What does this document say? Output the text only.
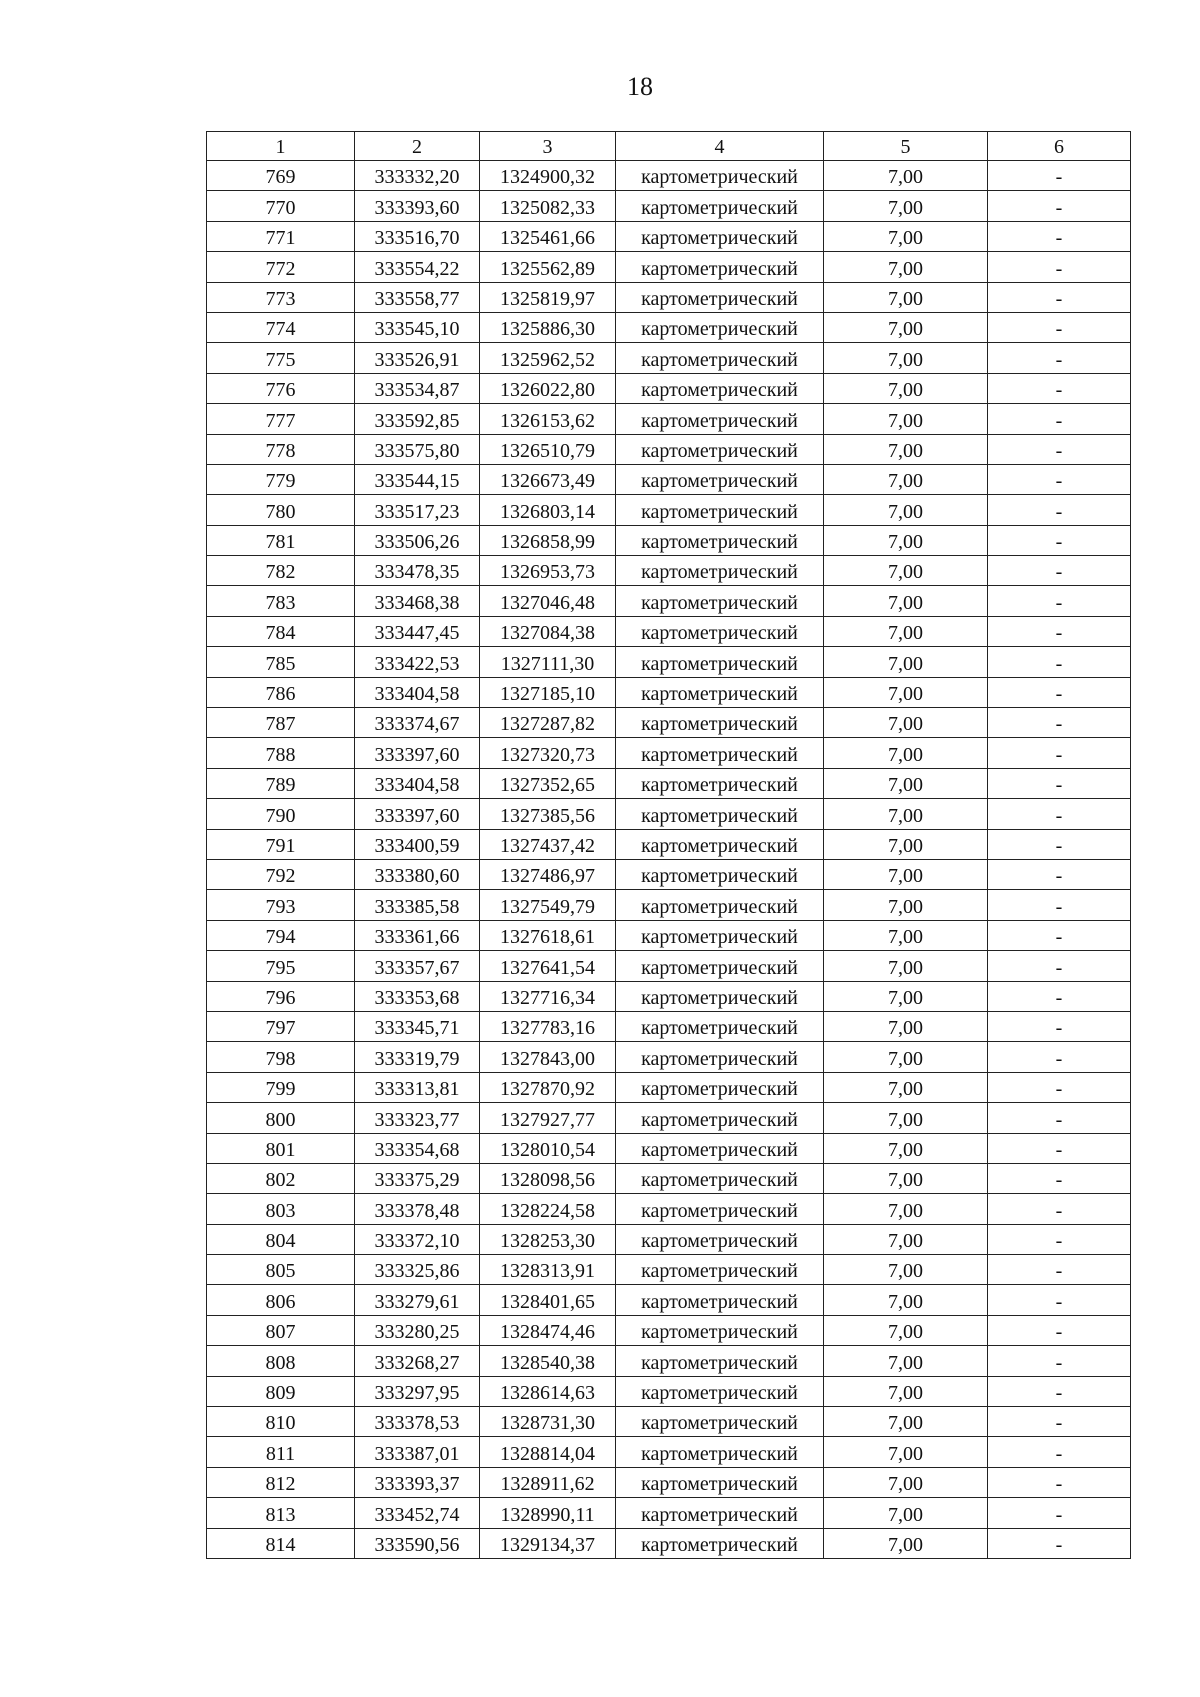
18
1	2	3	4	5	6
769	333332,20	1324900,32	картометрический	7,00	-
770	333393,60	1325082,33	картометрический	7,00	-
771	333516,70	1325461,66	картометрический	7,00	-
772	333554,22	1325562,89	картометрический	7,00	-
773	333558,77	1325819,97	картометрический	7,00	-
774	333545,10	1325886,30	картометрический	7,00	-
775	333526,91	1325962,52	картометрический	7,00	-
776	333534,87	1326022,80	картометрический	7,00	-
777	333592,85	1326153,62	картометрический	7,00	-
778	333575,80	1326510,79	картометрический	7,00	-
779	333544,15	1326673,49	картометрический	7,00	-
780	333517,23	1326803,14	картометрический	7,00	-
781	333506,26	1326858,99	картометрический	7,00	-
782	333478,35	1326953,73	картометрический	7,00	-
783	333468,38	1327046,48	картометрический	7,00	-
784	333447,45	1327084,38	картометрический	7,00	-
785	333422,53	1327111,30	картометрический	7,00	-
786	333404,58	1327185,10	картометрический	7,00	-
787	333374,67	1327287,82	картометрический	7,00	-
788	333397,60	1327320,73	картометрический	7,00	-
789	333404,58	1327352,65	картометрический	7,00	-
790	333397,60	1327385,56	картометрический	7,00	-
791	333400,59	1327437,42	картометрический	7,00	-
792	333380,60	1327486,97	картометрический	7,00	-
793	333385,58	1327549,79	картометрический	7,00	-
794	333361,66	1327618,61	картометрический	7,00	-
795	333357,67	1327641,54	картометрический	7,00	-
796	333353,68	1327716,34	картометрический	7,00	-
797	333345,71	1327783,16	картометрический	7,00	-
798	333319,79	1327843,00	картометрический	7,00	-
799	333313,81	1327870,92	картометрический	7,00	-
800	333323,77	1327927,77	картометрический	7,00	-
801	333354,68	1328010,54	картометрический	7,00	-
802	333375,29	1328098,56	картометрический	7,00	-
803	333378,48	1328224,58	картометрический	7,00	-
804	333372,10	1328253,30	картометрический	7,00	-
805	333325,86	1328313,91	картометрический	7,00	-
806	333279,61	1328401,65	картометрический	7,00	-
807	333280,25	1328474,46	картометрический	7,00	-
808	333268,27	1328540,38	картометрический	7,00	-
809	333297,95	1328614,63	картометрический	7,00	-
810	333378,53	1328731,30	картометрический	7,00	-
811	333387,01	1328814,04	картометрический	7,00	-
812	333393,37	1328911,62	картометрический	7,00	-
813	333452,74	1328990,11	картометрический	7,00	-
814	333590,56	1329134,37	картометрический	7,00	-
